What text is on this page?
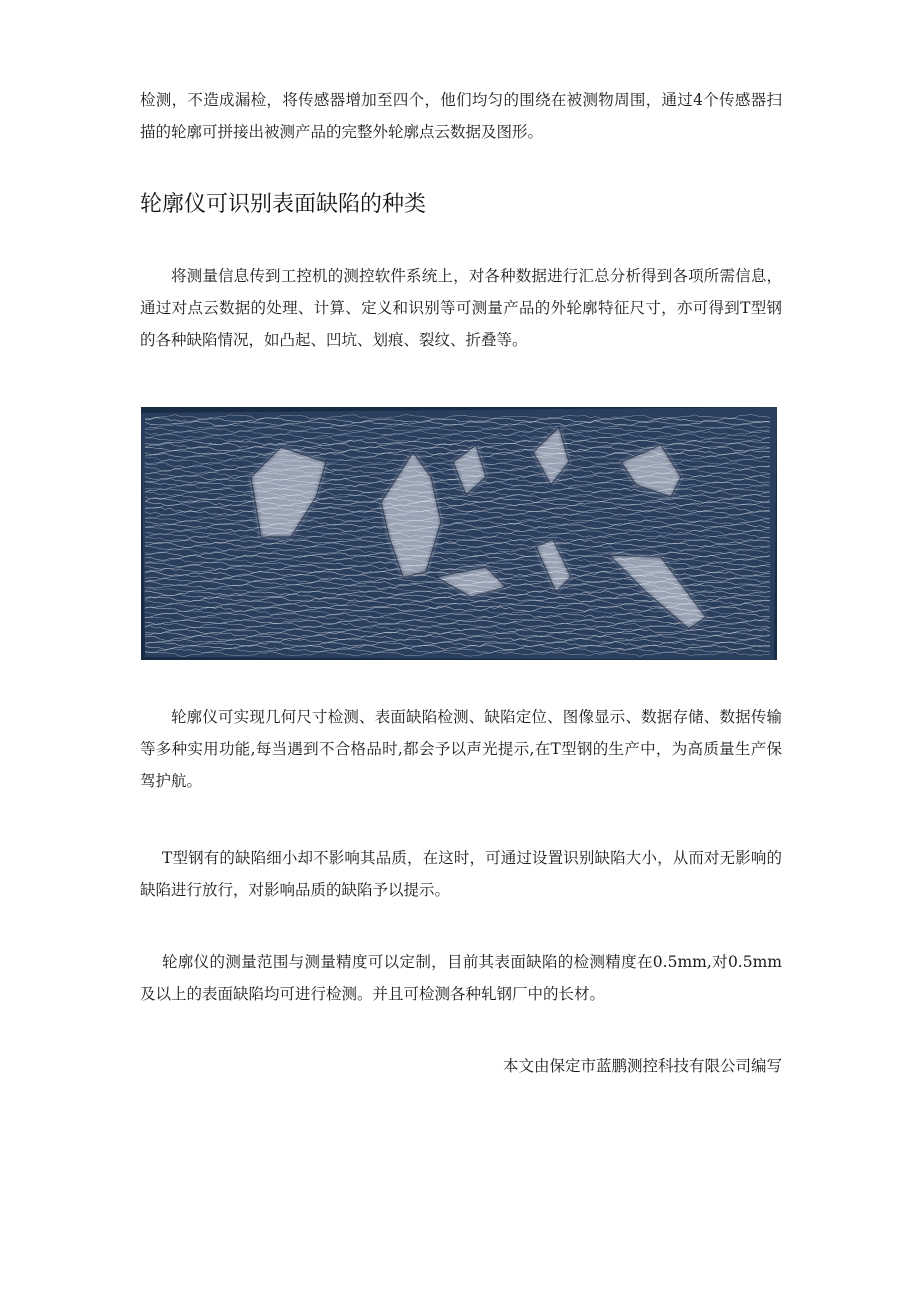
检测，不造成漏检，将传感器增加至四个，他们均匀的围绕在被测物周围，通过4个传感器扫描的轮廓可拼接出被测产品的完整外轮廓点云数据及图形。

轮廓仪可识别表面缺陷的种类

将测量信息传到工控机的测控软件系统上，对各种数据进行汇总分析得到各项所需信息，通过对点云数据的处理、计算、定义和识别等可测量产品的外轮廓特征尺寸，亦可得到T型钢的各种缺陷情况，如凸起、凹坑、划痕、裂纹、折叠等。

轮廓仪可实现几何尺寸检测、表面缺陷检测、缺陷定位、图像显示、数据存储、数据传输等多种实用功能,每当遇到不合格品时,都会予以声光提示,在T型钢的生产中，为高质量生产保驾护航。

T型钢有的缺陷细小却不影响其品质，在这时，可通过设置识别缺陷大小，从而对无影响的缺陷进行放行，对影响品质的缺陷予以提示。

轮廓仪的测量范围与测量精度可以定制，目前其表面缺陷的检测精度在0.5mm,对0.5mm及以上的表面缺陷均可进行检测。并且可检测各种轧钢厂中的长材。

本文由保定市蓝鹏测控科技有限公司编写
